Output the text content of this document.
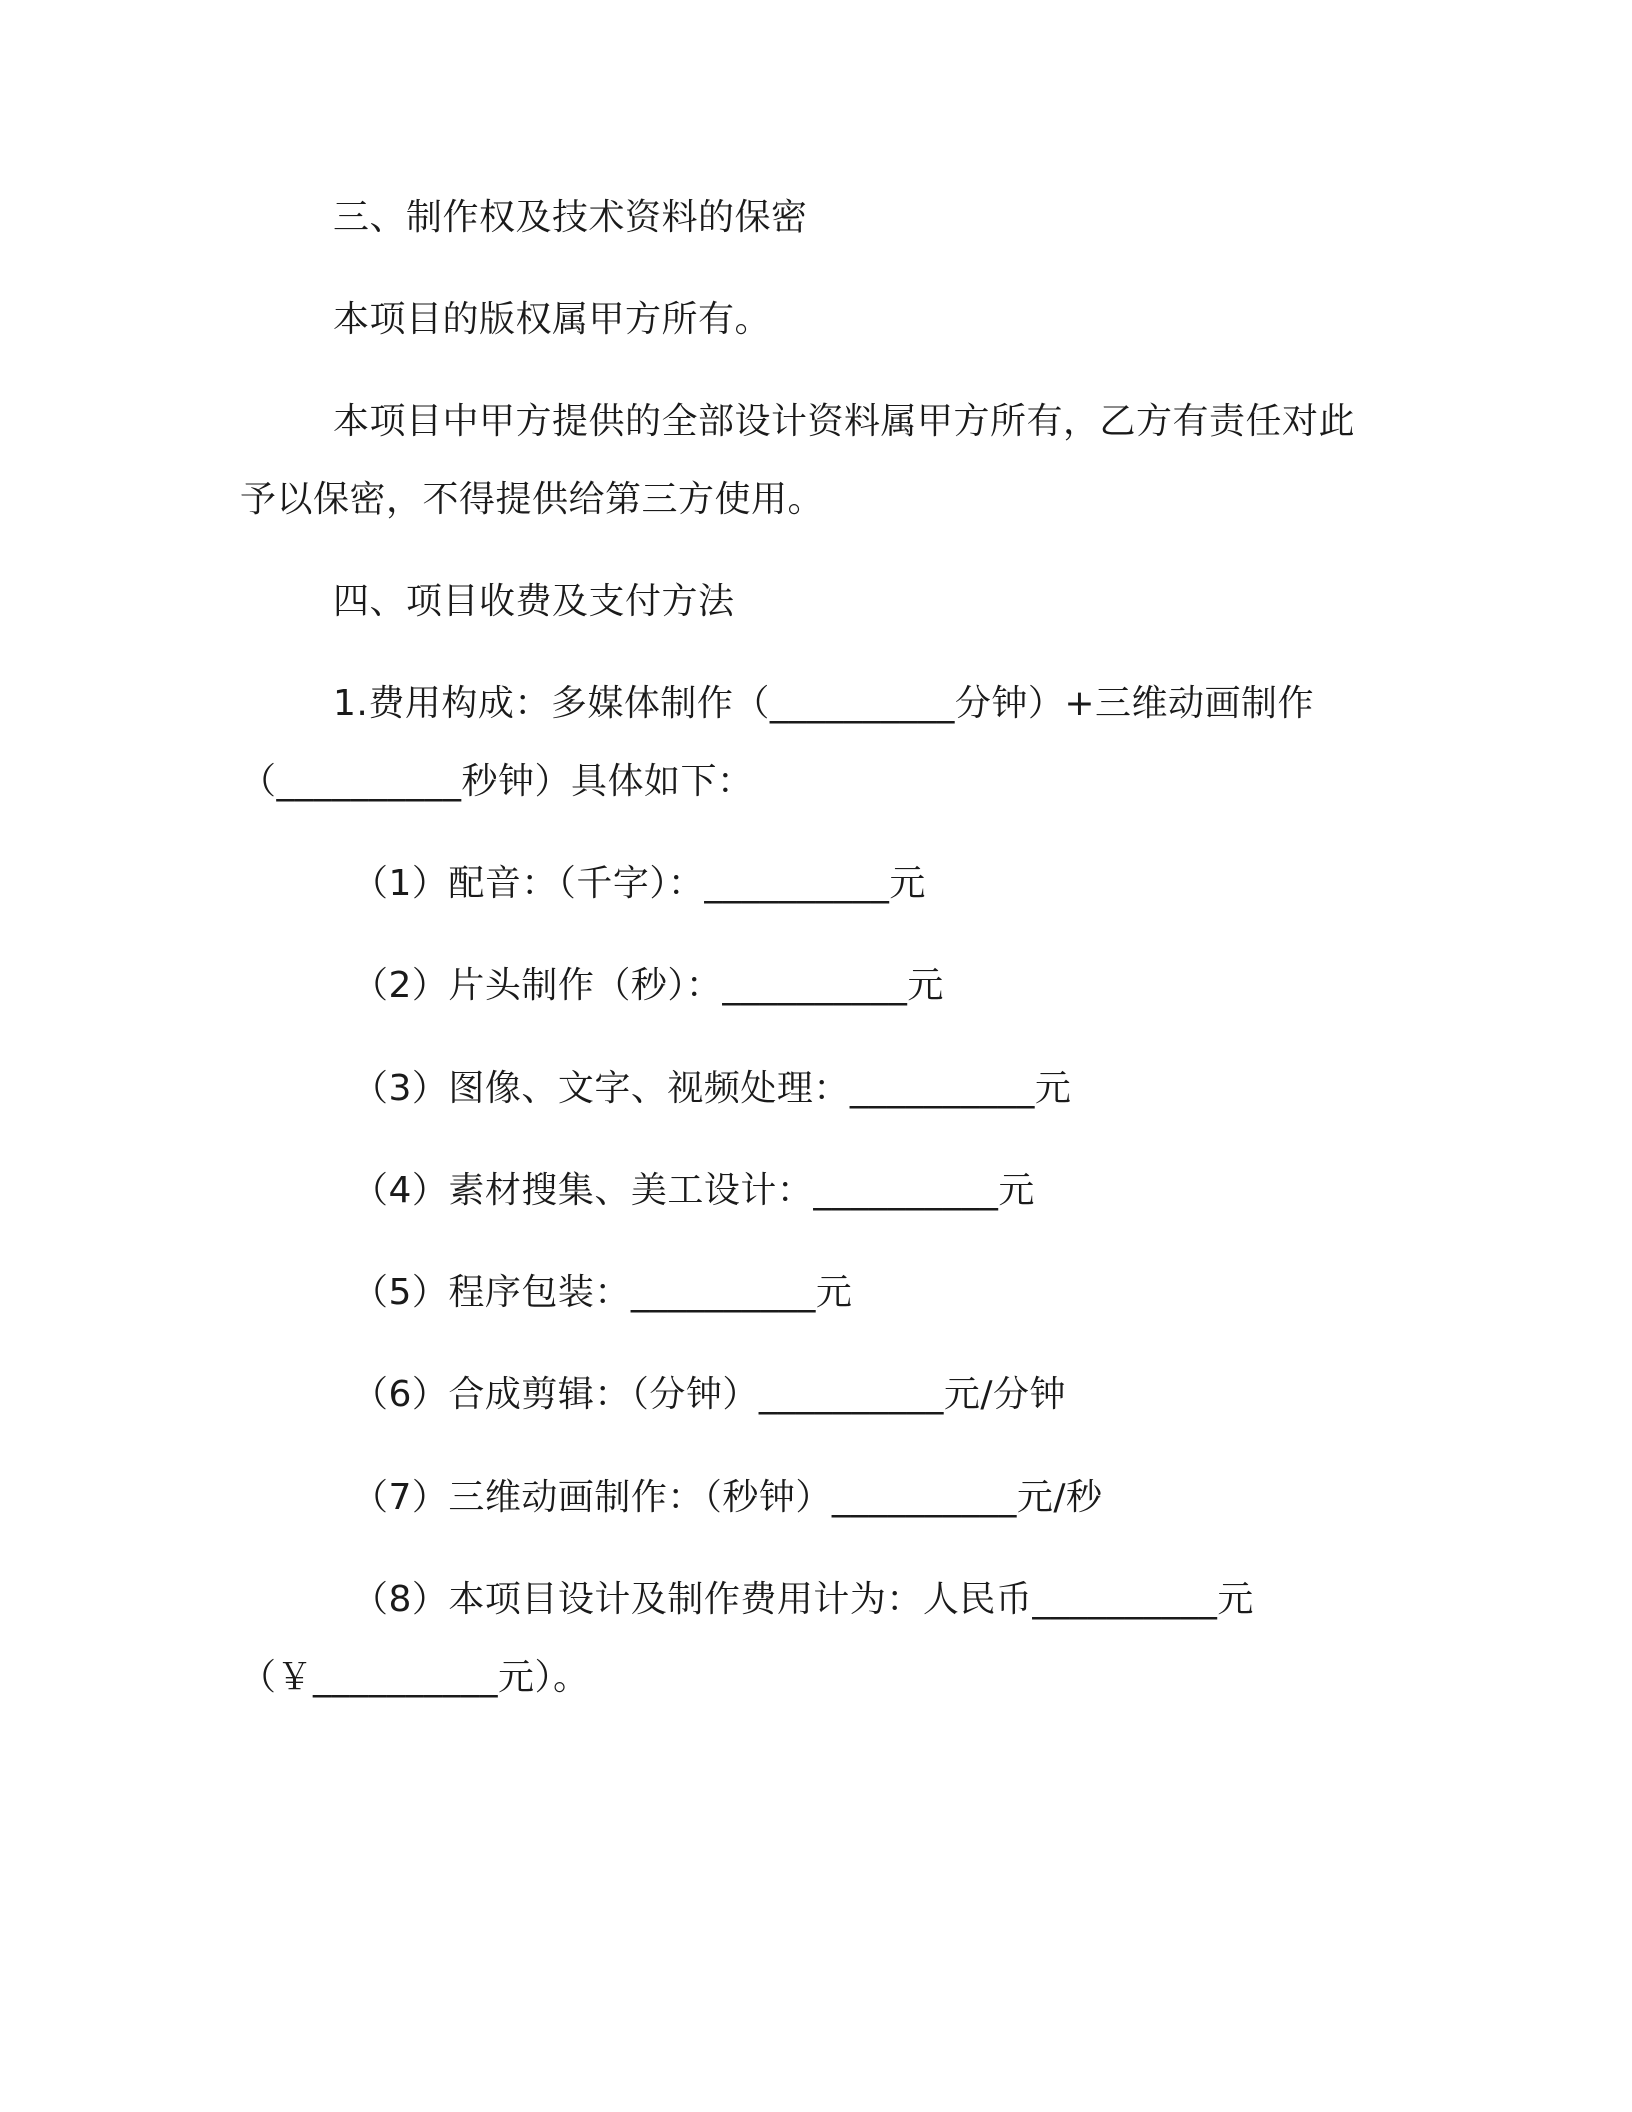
三、制作权及技术资料的保密
本项目的版权属甲方所有。
本项目中甲方提供的全部设计资料属甲方所有，乙方有责任对此
予以保密，不得提供给第三方使用。
四、项目收费及支付方法
1.费用构成：多媒体制作（__________分钟）+三维动画制作
（__________秒钟）具体如下：
（1）配音：（千字）：__________元
（2）片头制作（秒）：__________元
（3）图像、文字、视频处理：__________元
（4）素材搜集、美工设计：__________元
（5）程序包装：__________元
（6）合成剪辑：（分钟）__________元/分钟
（7）三维动画制作：（秒钟）__________元/秒
（8）本项目设计及制作费用计为：人民币__________元
（￥__________元）。
